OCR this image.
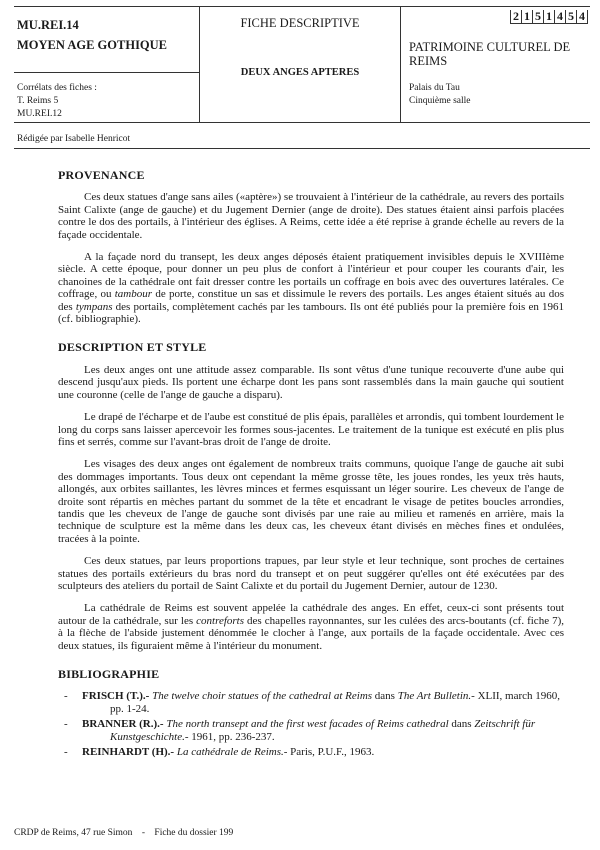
MU.REI.14
MOYEN AGE GOTHIQUE
Corrélats des fiches :
T. Reims 5
MU.REI.12
FICHE DESCRIPTIVE
DEUX ANGES APTERES
2 1 5 1 4 5 4
PATRIMOINE CULTUREL DE
REIMS
Palais du Tau
Cinquième salle
Rédigée par Isabelle Henricot
PROVENANCE

Ces deux statues d'ange sans ailes («aptère») se trouvaient à l'intérieur de la cathédrale, au revers des portails Saint Calixte (ange de gauche) et du Jugement Dernier (ange de droite). Des statues étaient ainsi parfois placées contre le dos des portails, à l'intérieur des églises. A Reims, cette idée a été reprise à grande échelle au revers de la façade occidentale.

A la façade nord du transept, les deux anges déposés étaient pratiquement invisibles depuis le XVIIIème siècle. A cette époque, pour donner un peu plus de confort à l'intérieur et pour couper les courants d'air, les chanoines de la cathédrale ont fait dresser contre les portails un coffrage en bois avec des ouvertures latérales. Ce coffrage, ou tambour de porte, constitue un sas et dissimule le revers des portails. Les anges étaient situés au dos des tympans des portails, complètement cachés par les tambours. Ils ont été publiés pour la première fois en 1961 (cf. bibliographie).

DESCRIPTION ET STYLE

Les deux anges ont une attitude assez comparable. Ils sont vêtus d'une tunique recouverte d'une aube qui descend jusqu'aux pieds. Ils portent une écharpe dont les pans sont rassemblés dans la main gauche qui soutient une couronne (celle de l'ange de gauche a disparu).

Le drapé de l'écharpe et de l'aube est constitué de plis épais, parallèles et arrondis, qui tombent lourdement le long du corps sans laisser apercevoir les formes sous-jacentes. Le traitement de la tunique est exécuté en plis plus fins et serrés, comme sur l'avant-bras droit de l'ange de droite.

Les visages des deux anges ont également de nombreux traits communs, quoique l'ange de gauche ait subi des dommages importants. Tous deux ont cependant la même grosse tête, les joues rondes, les yeux très hauts, allongés, aux orbites saillantes, les lèvres minces et fermes esquissant un léger sourire. Les cheveux de l'ange de droite sont répartis en mèches partant du sommet de la tête et encadrant le visage de petites boucles arrondies, tandis que les cheveux de l'ange de gauche sont divisés par une raie au milieu et ramenés en arrière, mais la technique de sculpture est la même dans les deux cas, les cheveux étant divisés en mèches fines et ondulées, tracées à la pointe.

Ces deux statues, par leurs proportions trapues, par leur style et leur technique, sont proches de certaines statues des portails extérieurs du bras nord du transept et on peut suggérer qu'elles ont été exécutées par des sculpteurs des ateliers du portail de Saint Calixte et du portail du Jugement Dernier, autour de 1230.

La cathédrale de Reims est souvent appelée la cathédrale des anges. En effet, ceux-ci sont présents tout autour de la cathédrale, sur les contreforts des chapelles rayonnantes, sur les culées des arcs-boutants (cf. fiche 7), à la flèche de l'abside justement dénommée le clocher à l'ange, aux portails de la façade occidentale. Avec ces deux statues, ils figuraient même à l'intérieur du monument.

BIBLIOGRAPHIE
- FRISCH (T.).- The twelve choir statues of the cathedral at Reims dans The Art Bulletin.- XLII, march 1960, pp. 1-24.
- BRANNER (R.).- The north transept and the first west facades of Reims cathedral dans Zeitschrift für Kunstgeschichte.- 1961, pp. 236-237.
- REINHARDT (H).- La cathédrale de Reims.- Paris, P.U.F., 1963.
CRDP de Reims, 47 rue Simon - Fiche du dossier 199
